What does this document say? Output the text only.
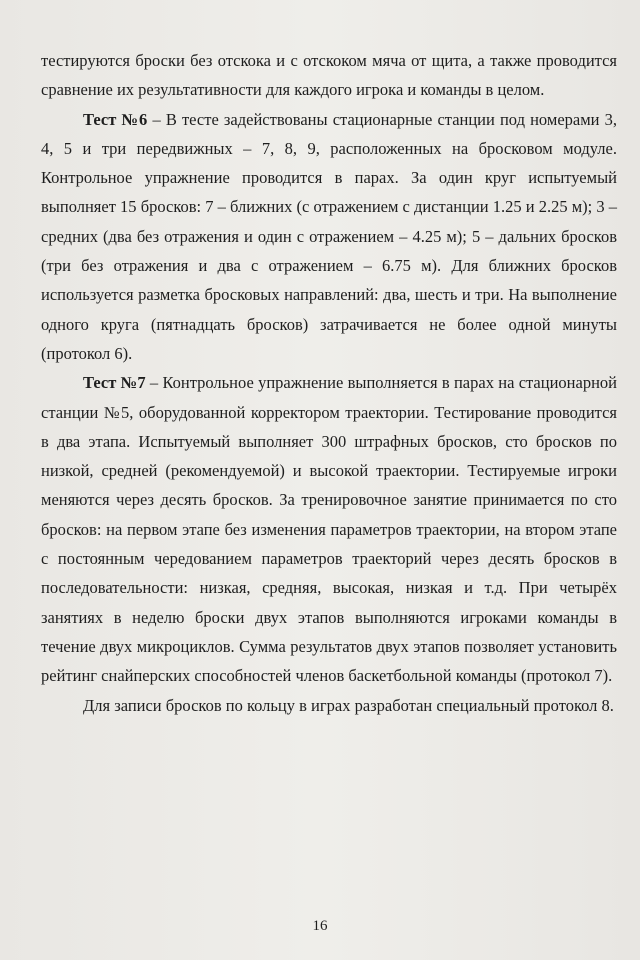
тестируются броски без отскока и с отскоком мяча от щита, а также проводится сравнение их результативности для каждого игрока и команды в целом.

Тест №6 – В тесте задействованы стационарные станции под номерами 3, 4, 5 и три передвижных – 7, 8, 9, расположенных на бросковом модуле. Контрольное упражнение проводится в парах. За один круг испытуемый выполняет 15 бросков: 7 – ближних (с отражением с дистанции 1.25 и 2.25 м); 3 – средних (два без отражения и один с отражением – 4.25 м); 5 – дальних бросков (три без отражения и два с отражением – 6.75 м). Для ближних бросков используется разметка бросковых направлений: два, шесть и три. На выполнение одного круга (пятнадцать бросков) затрачивается не более одной минуты (протокол 6).

Тест №7 – Контрольное упражнение выполняется в парах на стационарной станции №5, оборудованной корректором траектории. Тестирование проводится в два этапа. Испытуемый выполняет 300 штрафных бросков, сто бросков по низкой, средней (рекомендуемой) и высокой траектории. Тестируемые игроки меняются через десять бросков. За тренировочное занятие принимается по сто бросков: на первом этапе без изменения параметров траектории, на втором этапе с постоянным чередованием параметров траекторий через десять бросков в последовательности: низкая, средняя, высокая, низкая и т.д. При четырёх занятиях в неделю броски двух этапов выполняются игроками команды в течение двух микроциклов. Сумма результатов двух этапов позволяет установить рейтинг снайперских способностей членов баскетбольной команды (протокол 7).

Для записи бросков по кольцу в играх разработан специальный протокол 8.

16
